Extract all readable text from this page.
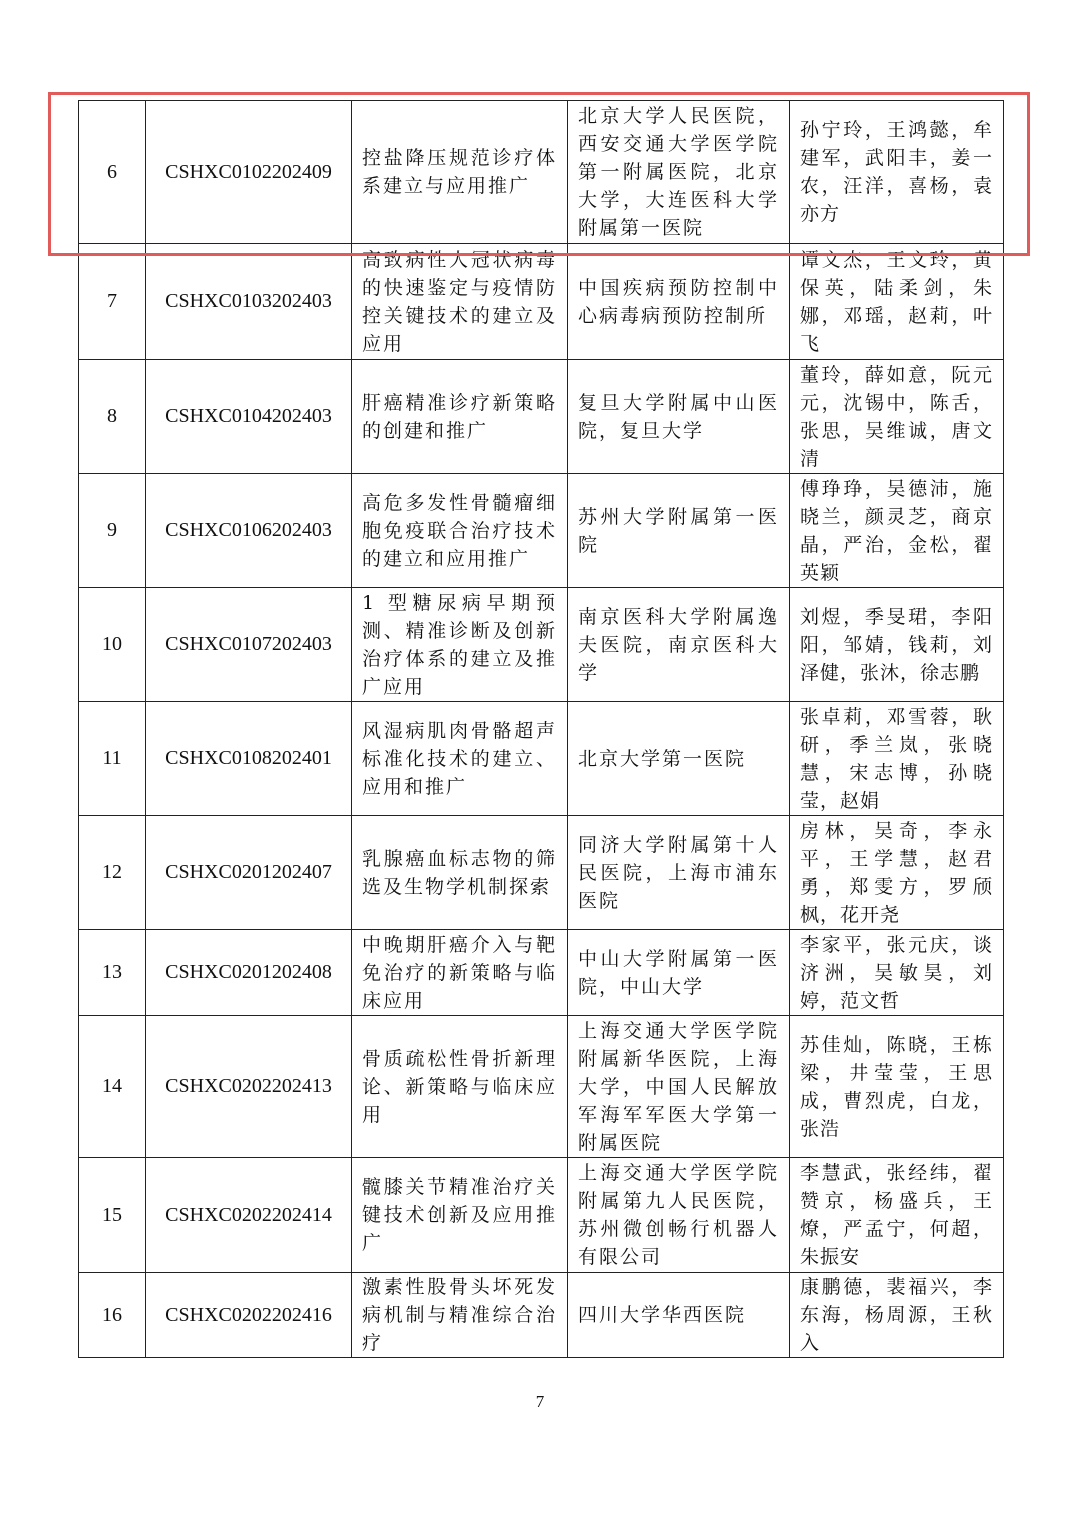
6	CSHXC0102202409	控盐降压规范诊疗体系建立与应用推广	北京大学人民医院，西安交通大学医学院第一附属医院，北京大学，大连医科大学附属第一医院	孙宁玲，王鸿懿，牟建军，武阳丰，姜一农，汪洋，喜杨，袁亦方
7	CSHXC0103202403	高致病性人冠状病毒的快速鉴定与疫情防控关键技术的建立及应用	中国疾病预防控制中心病毒病预防控制所	谭文杰，王文玲，黄保英，陆柔剑，朱娜，邓瑶，赵莉，叶飞
8	CSHXC0104202403	肝癌精准诊疗新策略的创建和推广	复旦大学附属中山医院，复旦大学	董玲，薛如意，阮元元，沈锡中，陈舌，张思，吴维诚，唐文清
9	CSHXC0106202403	高危多发性骨髓瘤细胞免疫联合治疗技术的建立和应用推广	苏州大学附属第一医院	傅琤琤，吴德沛，施晓兰，颜灵芝，商京晶，严治，金松，翟英颖
10	CSHXC0107202403	1 型糖尿病早期预测、精准诊断及创新治疗体系的建立及推广应用	南京医科大学附属逸夫医院，南京医科大学	刘煜，季旻珺，李阳阳，邹婧，钱莉，刘泽健，张沐，徐志鹏
11	CSHXC0108202401	风湿病肌肉骨骼超声标准化技术的建立、应用和推广	北京大学第一医院	张卓莉，邓雪蓉，耿研，季兰岚，张晓慧，宋志博，孙晓莹，赵娟
12	CSHXC0201202407	乳腺癌血标志物的筛选及生物学机制探索	同济大学附属第十人民医院，上海市浦东医院	房林，吴奇，李永平，王学慧，赵君勇，郑雯方，罗颀枫，花开尧
13	CSHXC0201202408	中晚期肝癌介入与靶免治疗的新策略与临床应用	中山大学附属第一医院，中山大学	李家平，张元庆，谈济洲，吴敏昊，刘婷，范文哲
14	CSHXC0202202413	骨质疏松性骨折新理论、新策略与临床应用	上海交通大学医学院附属新华医院，上海大学，中国人民解放军海军军医大学第一附属医院	苏佳灿，陈晓，王栋梁，井莹莹，王思成，曹烈虎，白龙，张浩
15	CSHXC0202202414	髋膝关节精准治疗关键技术创新及应用推广	上海交通大学医学院附属第九人民医院，苏州微创畅行机器人有限公司	李慧武，张经纬，翟赞京，杨盛兵，王燎，严孟宁，何超，朱振安
16	CSHXC0202202416	激素性股骨头坏死发病机制与精准综合治疗	四川大学华西医院	康鹏德，裴福兴，李东海，杨周源，王秋入
7
